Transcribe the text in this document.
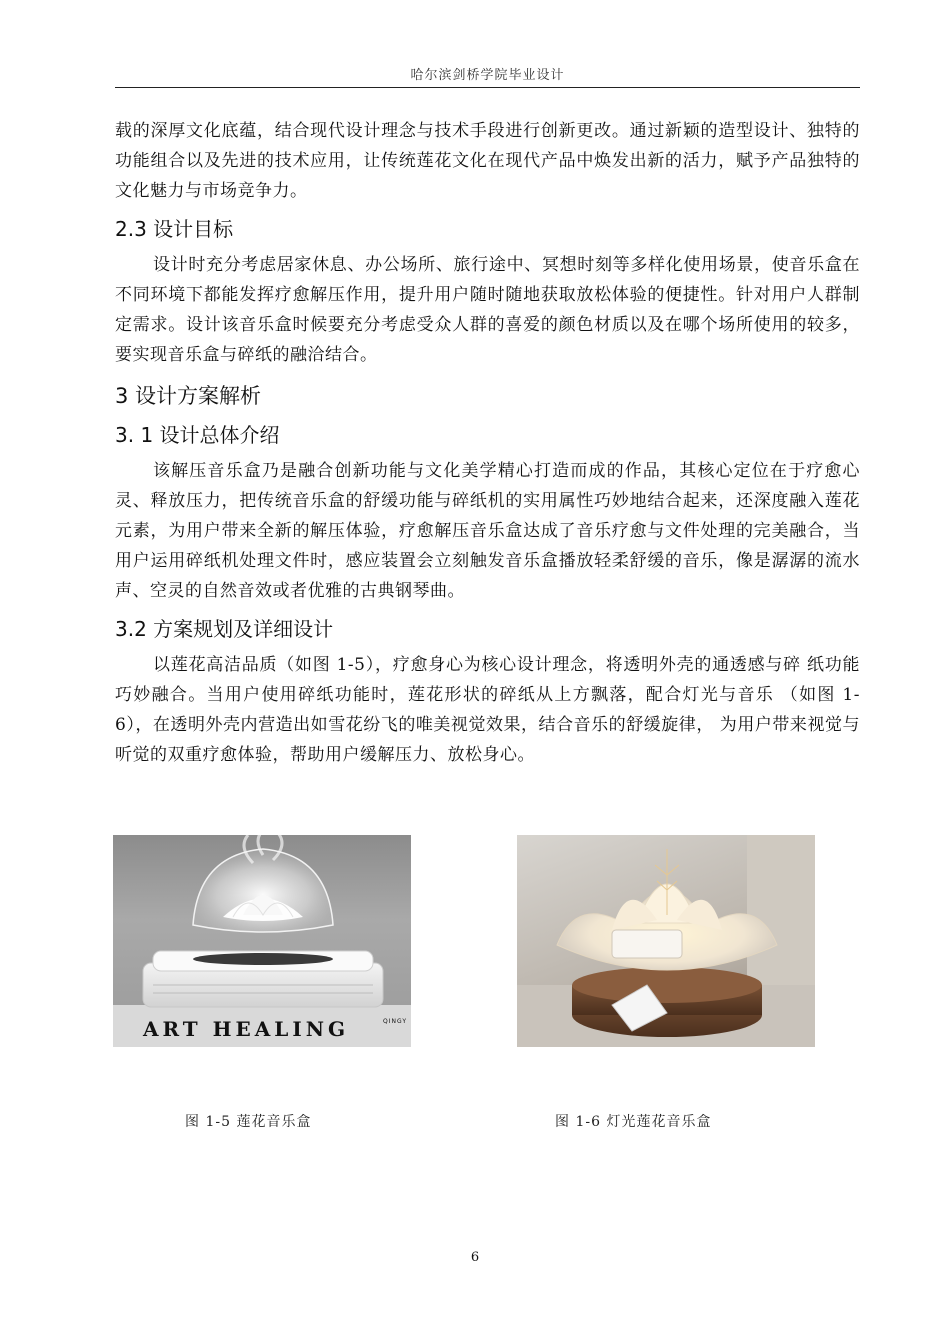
哈尔滨剑桥学院毕业设计

载的深厚文化底蕴，结合现代设计理念与技术手段进行创新更改。通过新颖的造型设计、独特的功能组合以及先进的技术应用，让传统莲花文化在现代产品中焕发出新的活力，赋予产品独特的文化魅力与市场竞争力。

2.3 设计目标

设计时充分考虑居家休息、办公场所、旅行途中、冥想时刻等多样化使用场景，使音乐盒在不同环境下都能发挥疗愈解压作用，提升用户随时随地获取放松体验的便捷性。针对用户人群制定需求。设计该音乐盒时候要充分考虑受众人群的喜爱的颜色材质以及在哪个场所使用的较多，要实现音乐盒与碎纸的融洽结合。

3 设计方案解析
3. 1 设计总体介绍

该解压音乐盒乃是融合创新功能与文化美学精心打造而成的作品，其核心定位在于疗愈心灵、释放压力，把传统音乐盒的舒缓功能与碎纸机的实用属性巧妙地结合起来，还深度融入莲花元素，为用户带来全新的解压体验，疗愈解压音乐盒达成了音乐疗愈与文件处理的完美融合，当用户运用碎纸机处理文件时，感应装置会立刻触发音乐盒播放轻柔舒缓的音乐，像是潺潺的流水声、空灵的自然音效或者优雅的古典钢琴曲。

3.2 方案规划及详细设计

以莲花高洁品质（如图 1-5），疗愈身心为核心设计理念，将透明外壳的通透感与碎 纸功能巧妙融合。当用户使用碎纸功能时，莲花形状的碎纸从上方飘落，配合灯光与音乐 （如图 1-6），在透明外壳内营造出如雪花纷飞的唯美视觉效果，结合音乐的舒缓旋律， 为用户带来视觉与听觉的双重疗愈体验，帮助用户缓解压力、放松身心。

ART HEALING	QINGY
图 1-5 莲花音乐盒	图 1-6 灯光莲花音乐盒
6
